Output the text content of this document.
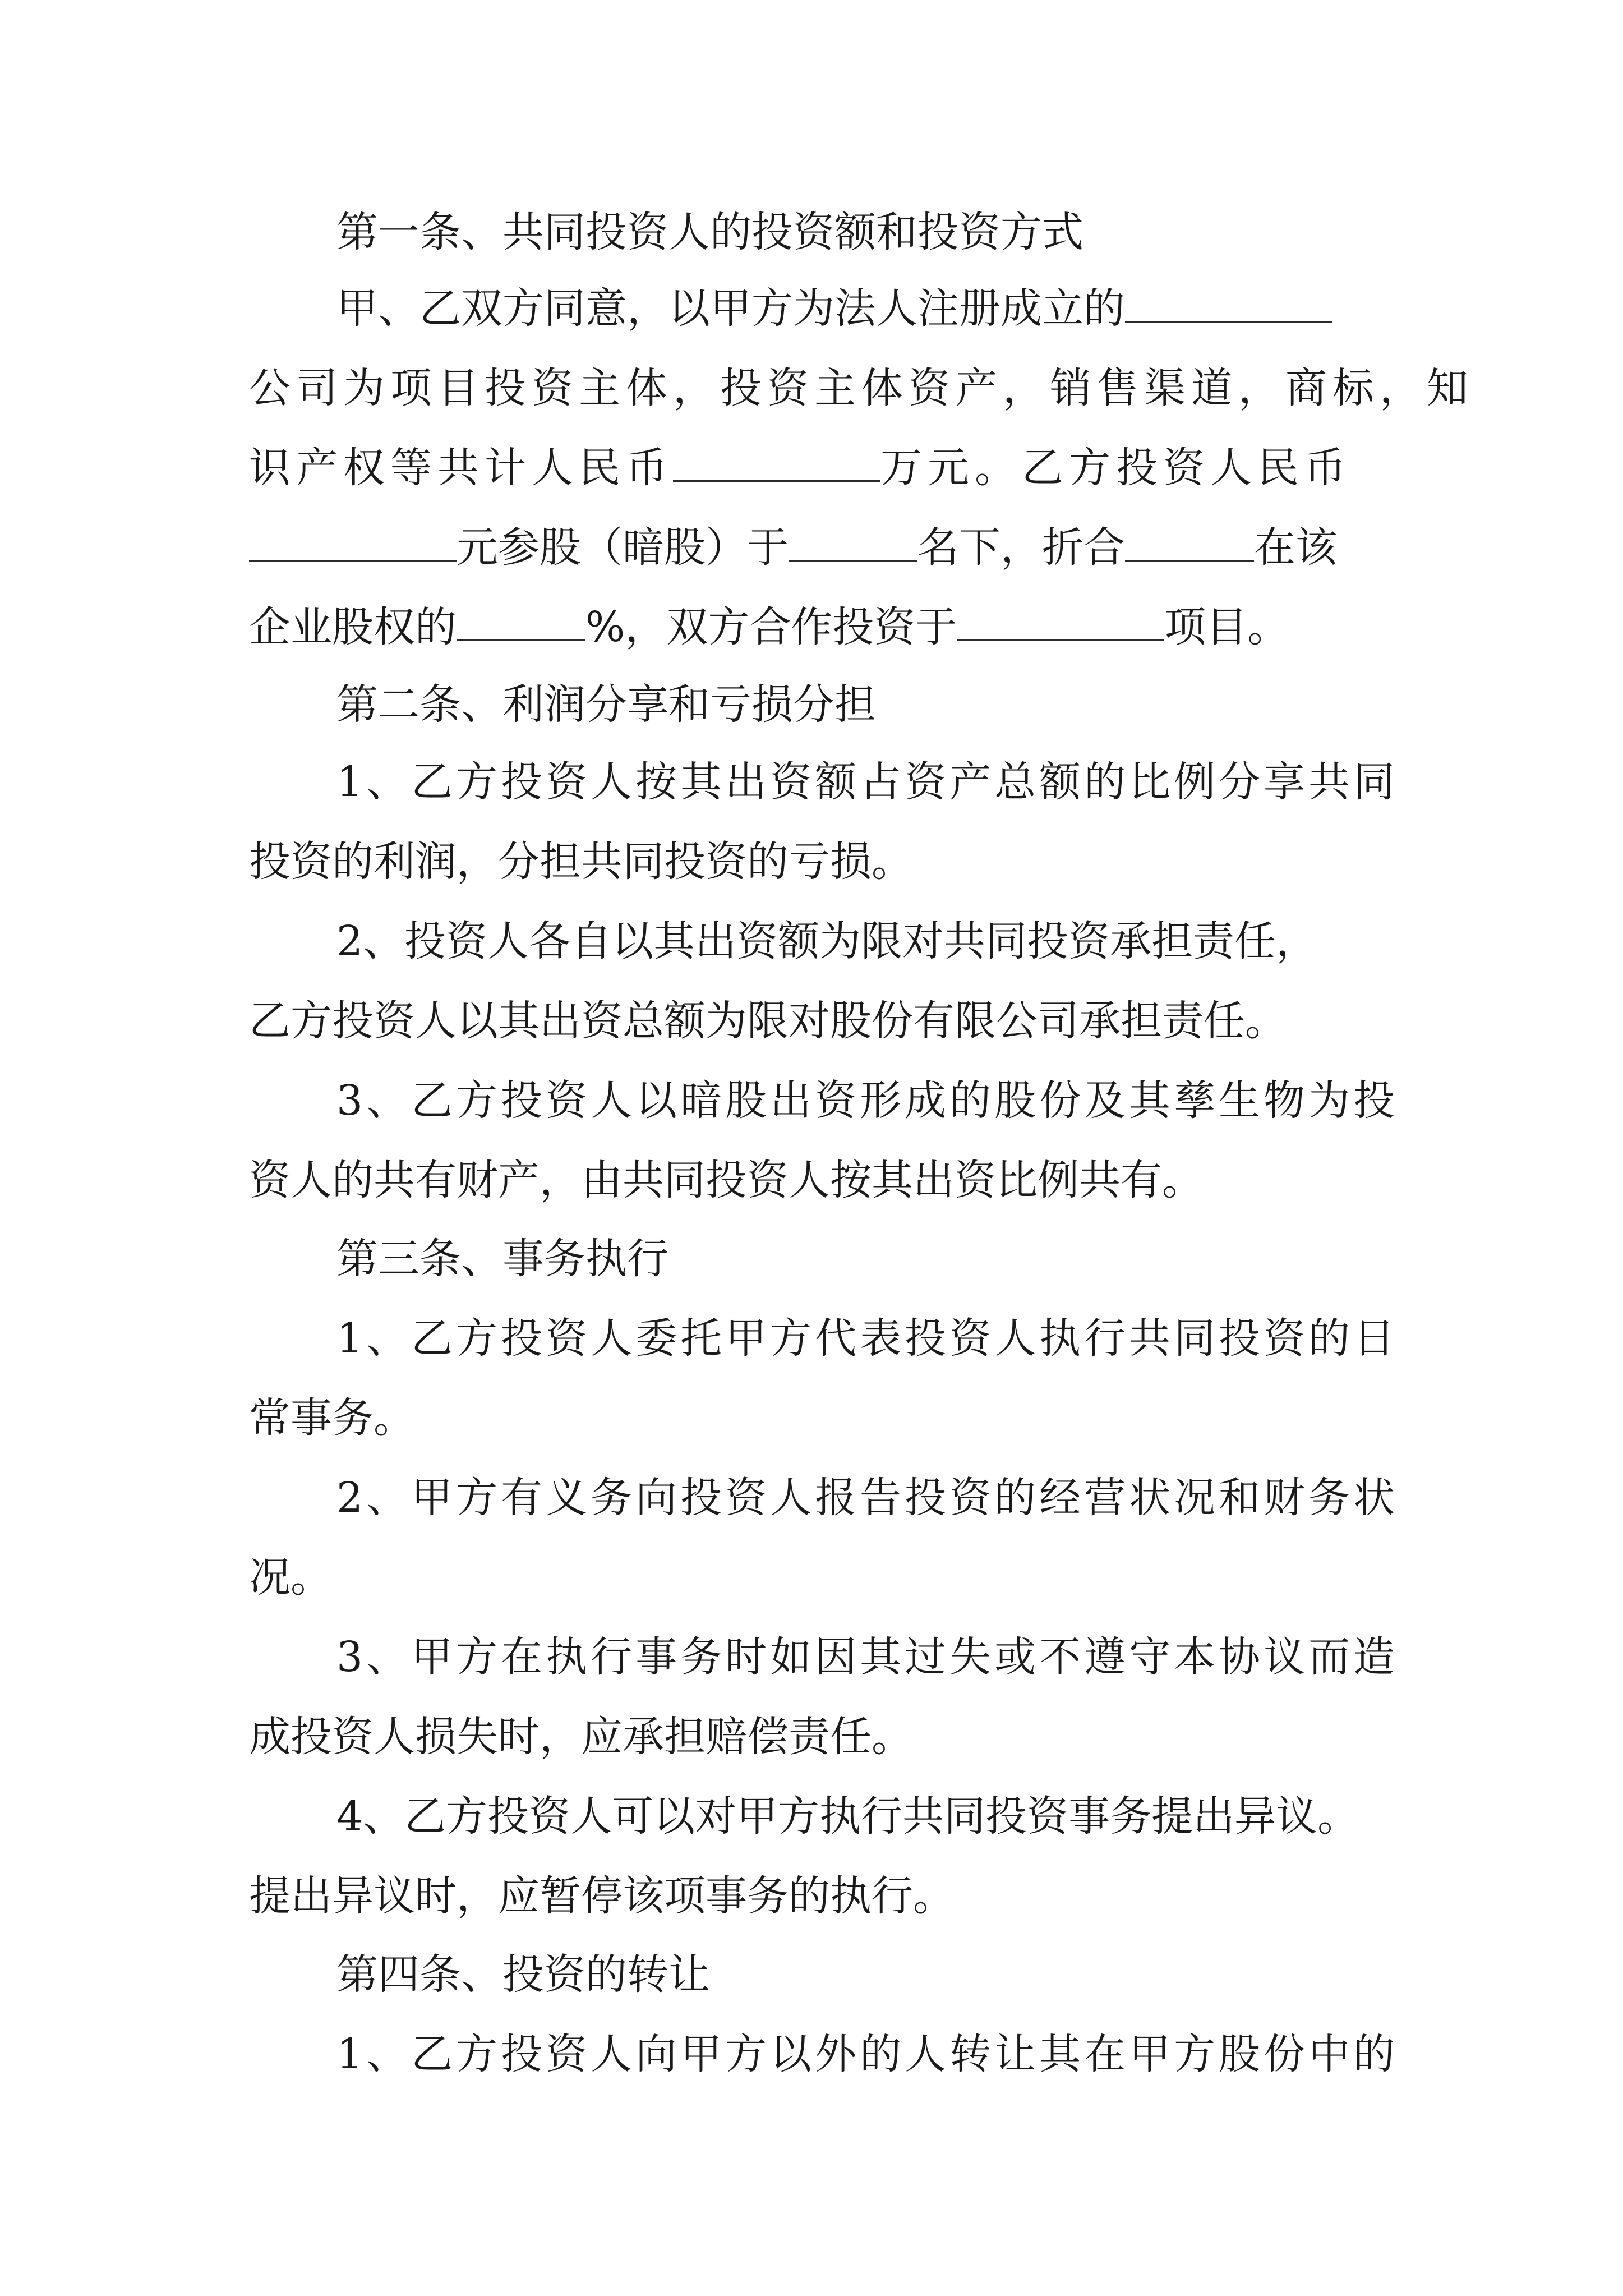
第一条、共同投资人的投资额和投资方式
甲、乙双方同意，以甲方为法人注册成立的
公司为项目投资主体，投资主体资产，销售渠道，商标，知
识产权等共计人民币	万元。乙方投资人民币
元参股（暗股）于	名下，折合	在该
企业股权的	%，双方合作投资于	项目。
第二条、利润分享和亏损分担
1、乙方投资人按其出资额占资产总额的比例分享共同
投资的利润，分担共同投资的亏损。
2、投资人各自以其出资额为限对共同投资承担责任，
乙方投资人以其出资总额为限对股份有限公司承担责任。
3、乙方投资人以暗股出资形成的股份及其孳生物为投
资人的共有财产，由共同投资人按其出资比例共有。
第三条、事务执行
1、乙方投资人委托甲方代表投资人执行共同投资的日
常事务。
2、甲方有义务向投资人报告投资的经营状况和财务状
况。
3、甲方在执行事务时如因其过失或不遵守本协议而造
成投资人损失时，应承担赔偿责任。
4、乙方投资人可以对甲方执行共同投资事务提出异议。
提出异议时，应暂停该项事务的执行。
第四条、投资的转让
1、乙方投资人向甲方以外的人转让其在甲方股份中的
